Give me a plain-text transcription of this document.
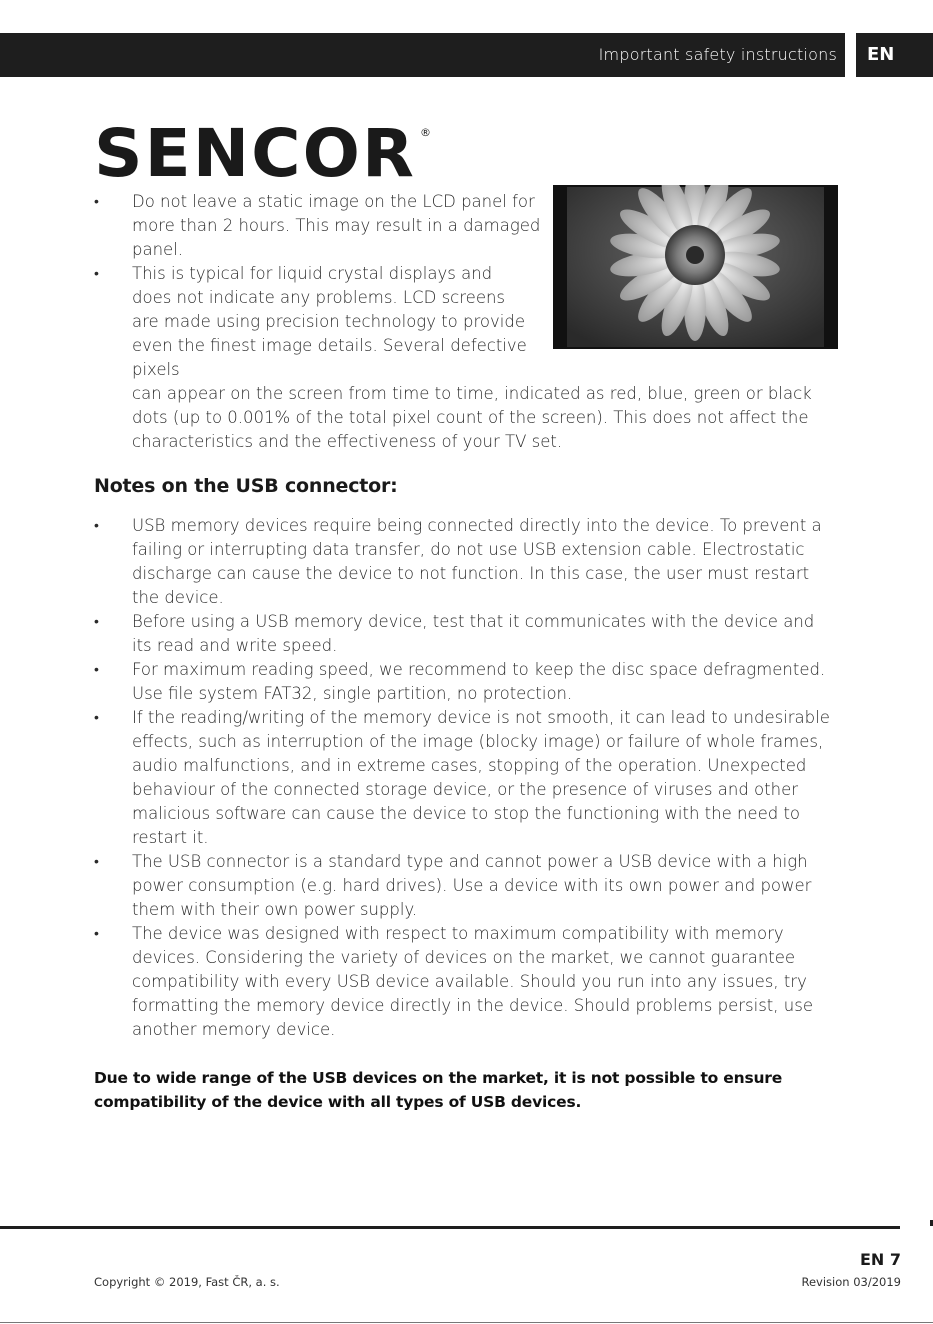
Important safety instructions	EN
SENCOR ®
• Do not leave a static image on the LCD panel for more than 2 hours. This may result in a damaged panel.
• This is typical for liquid crystal displays and does not indicate any problems. LCD screens are made using precision technology to provide even the finest image details. Several defective pixels
can appear on the screen from time to time, indicated as red, blue, green or black dots (up to 0.001% of the total pixel count of the screen). This does not affect the characteristics and the effectiveness of your TV set.
Notes on the USB connector:
• USB memory devices require being connected directly into the device. To prevent a failing or interrupting data transfer, do not use USB extension cable. Electrostatic discharge can cause the device to not function. In this case, the user must restart the device.
• Before using a USB memory device, test that it communicates with the device and its read and write speed.
• For maximum reading speed, we recommend to keep the disc space defragmented. Use file system FAT32, single partition, no protection.
• If the reading/writing of the memory device is not smooth, it can lead to undesirable effects, such as interruption of the image (blocky image) or failure of whole frames, audio malfunctions, and in extreme cases, stopping of the operation. Unexpected behaviour of the connected storage device, or the presence of viruses and other malicious software can cause the device to stop the functioning with the need to restart it.
• The USB connector is a standard type and cannot power a USB device with a high power consumption (e.g. hard drives). Use a device with its own power and power them with their own power supply.
• The device was designed with respect to maximum compatibility with memory devices. Considering the variety of devices on the market, we cannot guarantee compatibility with every USB device available. Should you run into any issues, try formatting the memory device directly in the device. Should problems persist, use another memory device.
Due to wide range of the USB devices on the market, it is not possible to ensure compatibility of the device with all types of USB devices.
EN 7
Copyright © 2019, Fast ČR, a. s.	Revision 03/2019
